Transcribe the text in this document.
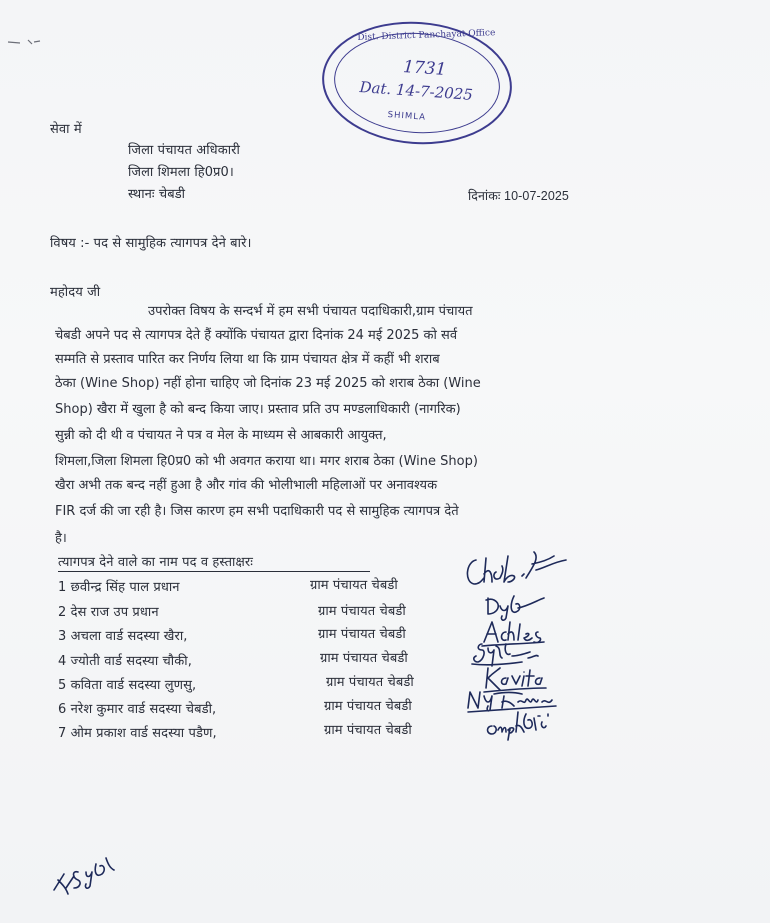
Dist. District Panchayat Office
1731
Dat. 14-7-2025
SHIMLA
सेवा में
जिला पंचायत अधिकारी
जिला शिमला हि0प्र0।
स्थानः चेबडी	दिनांकः 10-07-2025
विषय :- पद से सामुहिक त्यागपत्र देने बारे।
महोदय जी
उपरोक्त विषय के सन्दर्भ में हम सभी पंचायत पदाधिकारी,ग्राम पंचायत
चेबडी अपने पद से त्यागपत्र देते हैं क्योंकि पंचायत द्वारा दिनांक 24 मई 2025 को सर्व
सम्मति से प्रस्ताव पारित कर निर्णय लिया था कि ग्राम पंचायत क्षेत्र में कहीं भी शराब
ठेका (Wine Shop) नहीं होना चाहिए जो दिनांक 23 मई 2025 को शराब ठेका (Wine
Shop) खैरा में खुला है को बन्द किया जाए। प्रस्ताव प्रति उप मण्डलाधिकारी (नागरिक)
सुन्नी को दी थी व पंचायत ने पत्र व मेल के माध्यम से आबकारी आयुक्त,
शिमला,जिला शिमला हि0प्र0 को भी अवगत कराया था। मगर शराब ठेका (Wine Shop)
खैरा अभी तक बन्द नहीं हुआ है और गांव की भोलीभाली महिलाओं पर अनावश्यक
FIR दर्ज की जा रही है। जिस कारण हम सभी पदाधिकारी पद से सामुहिक त्यागपत्र देते
है।
त्यागपत्र देने वाले का नाम पद व हस्ताक्षरः
1 छवीन्द्र सिंह पाल प्रधान	ग्राम पंचायत चेबडी
2 देस राज उप प्रधान	ग्राम पंचायत चेबडी
3 अचला वार्ड सदस्या खैरा,	ग्राम पंचायत चेबडी
4 ज्योती वार्ड सदस्या चौकी,	ग्राम पंचायत चेबडी
5 कविता वार्ड सदस्या लुणसु,	ग्राम पंचायत चेबडी
6 नरेश कुमार वार्ड सदस्या चेबडी,	ग्राम पंचायत चेबडी
7 ओम प्रकाश वार्ड सदस्या पडैण,	ग्राम पंचायत चेबडी
